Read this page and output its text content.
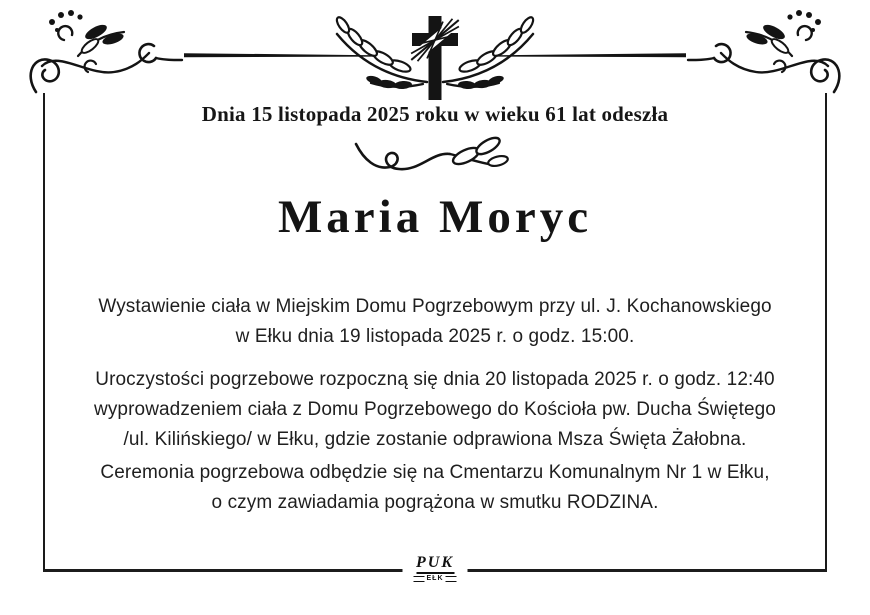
Dnia 15 listopada 2025 roku w wieku 61 lat odeszła
Maria Moryc
Wystawienie ciała w Miejskim Domu Pogrzebowym przy ul. J. Kochanowskiego
w Ełku dnia 19 listopada 2025 r. o godz. 15:00.
Uroczystości pogrzebowe rozpoczną się dnia 20 listopada 2025 r. o godz. 12:40
wyprowadzeniem ciała z Domu Pogrzebowego do Kościoła pw. Ducha Świętego
/ul. Kilińskiego/ w Ełku, gdzie zostanie odprawiona Msza Święta Żałobna.
Ceremonia pogrzebowa odbędzie się na Cmentarzu Komunalnym Nr 1 w Ełku,
o czym zawiadamia pogrążona w smutku RODZINA.
PUK
EŁK
